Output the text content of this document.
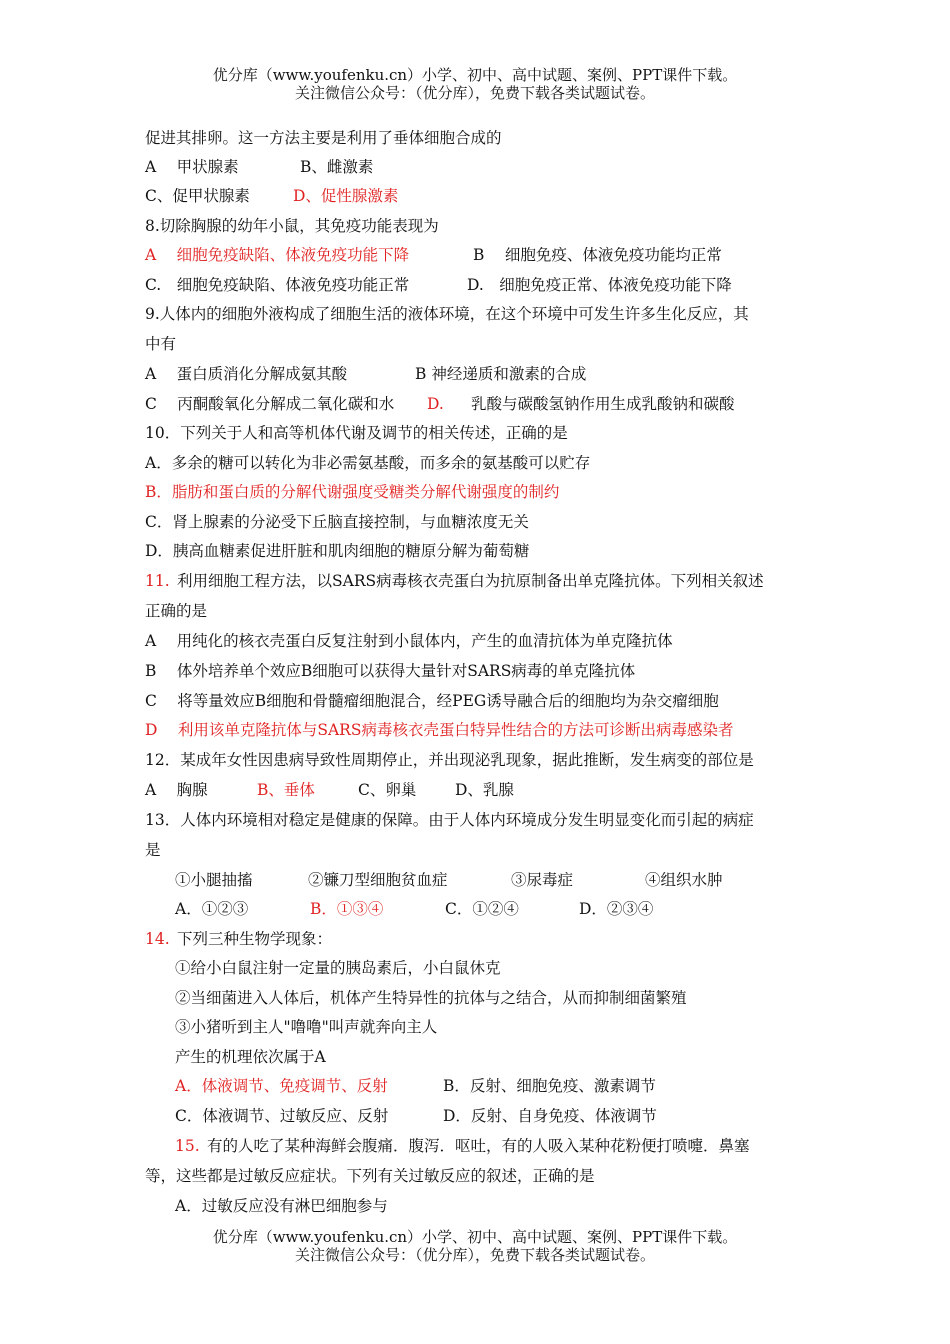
优分库（www.youfenku.cn）小学、初中、高中试题、案例、PPT课件下载。
关注微信公众号：（优分库），免费下载各类试题试卷。
促进其排卵。这一方法主要是利用了垂体细胞合成的
A　 甲状腺素	B、雌激素
C、促甲状腺素	D、促性腺激素
8.切除胸腺的幼年小鼠，其免疫功能表现为
A　 细胞免疫缺陷、体液免疫功能下降	B　 细胞免疫、体液免疫功能均正常
C.　细胞免疫缺陷、体液免疫功能正常	D.　细胞免疫正常、体液免疫功能下降
9.人体内的细胞外液构成了细胞生活的液体环境，在这个环境中可发生许多生化反应，其
中有
A　 蛋白质消化分解成氨其酸	B 神经递质和激素的合成
C　 丙酮酸氧化分解成二氧化碳和水 D. 乳酸与碳酸氢钠作用生成乳酸钠和碳酸
10．下列关于人和高等机体代谢及调节的相关传述，正确的是
A．多余的糖可以转化为非必需氨基酸，而多余的氨基酸可以贮存
B．脂肪和蛋白质的分解代谢强度受糖类分解代谢强度的制约
C．肾上腺素的分泌受下丘脑直接控制，与血糖浓度无关
D．胰高血糖素促进肝脏和肌肉细胞的糖原分解为葡萄糖
11. 利用细胞工程方法，以SARS病毒核衣壳蛋白为抗原制备出单克隆抗体。下列相关叙述
正确的是
A　 用纯化的核衣壳蛋白反复注射到小鼠体内，产生的血清抗体为单克隆抗体
B　 体外培养单个效应B细胞可以获得大量针对SARS病毒的单克隆抗体
C　 将等量效应B细胞和骨髓瘤细胞混合，经PEG诱导融合后的细胞均为杂交瘤细胞
D　 利用该单克隆抗体与SARS病毒核衣壳蛋白特异性结合的方法可诊断出病毒感染者
12．某成年女性因患病导致性周期停止，并出现泌乳现象，据此推断，发生病变的部位是
A　 胸腺	B、垂体	C、卵巢 D、乳腺
13．人体内环境相对稳定是健康的保障。由于人体内环境成分发生明显变化而引起的病症
是
①小腿抽搐	②镰刀型细胞贫血症	③尿毒症	④组织水肿
A．①②③	B．①③④	C．①②④	D．②③④
14. 下列三种生物学现象：
①给小白鼠注射一定量的胰岛素后，小白鼠休克
②当细菌进入人体后，机体产生特异性的抗体与之结合，从而抑制细菌繁殖
③小猪听到主人"噜噜"叫声就奔向主人
产生的机理依次属于A
A．体液调节、免疫调节、反射	B．反射、细胞免疫、激素调节
C．体液调节、过敏反应、反射	D．反射、自身免疫、体液调节
15. 有的人吃了某种海鲜会腹痛．腹泻．呕吐，有的人吸入某种花粉便打喷嚏．鼻塞
等，这些都是过敏反应症状。下列有关过敏反应的叙述，正确的是
A．过敏反应没有淋巴细胞参与
优分库（www.youfenku.cn）小学、初中、高中试题、案例、PPT课件下载。
关注微信公众号：（优分库），免费下载各类试题试卷。
